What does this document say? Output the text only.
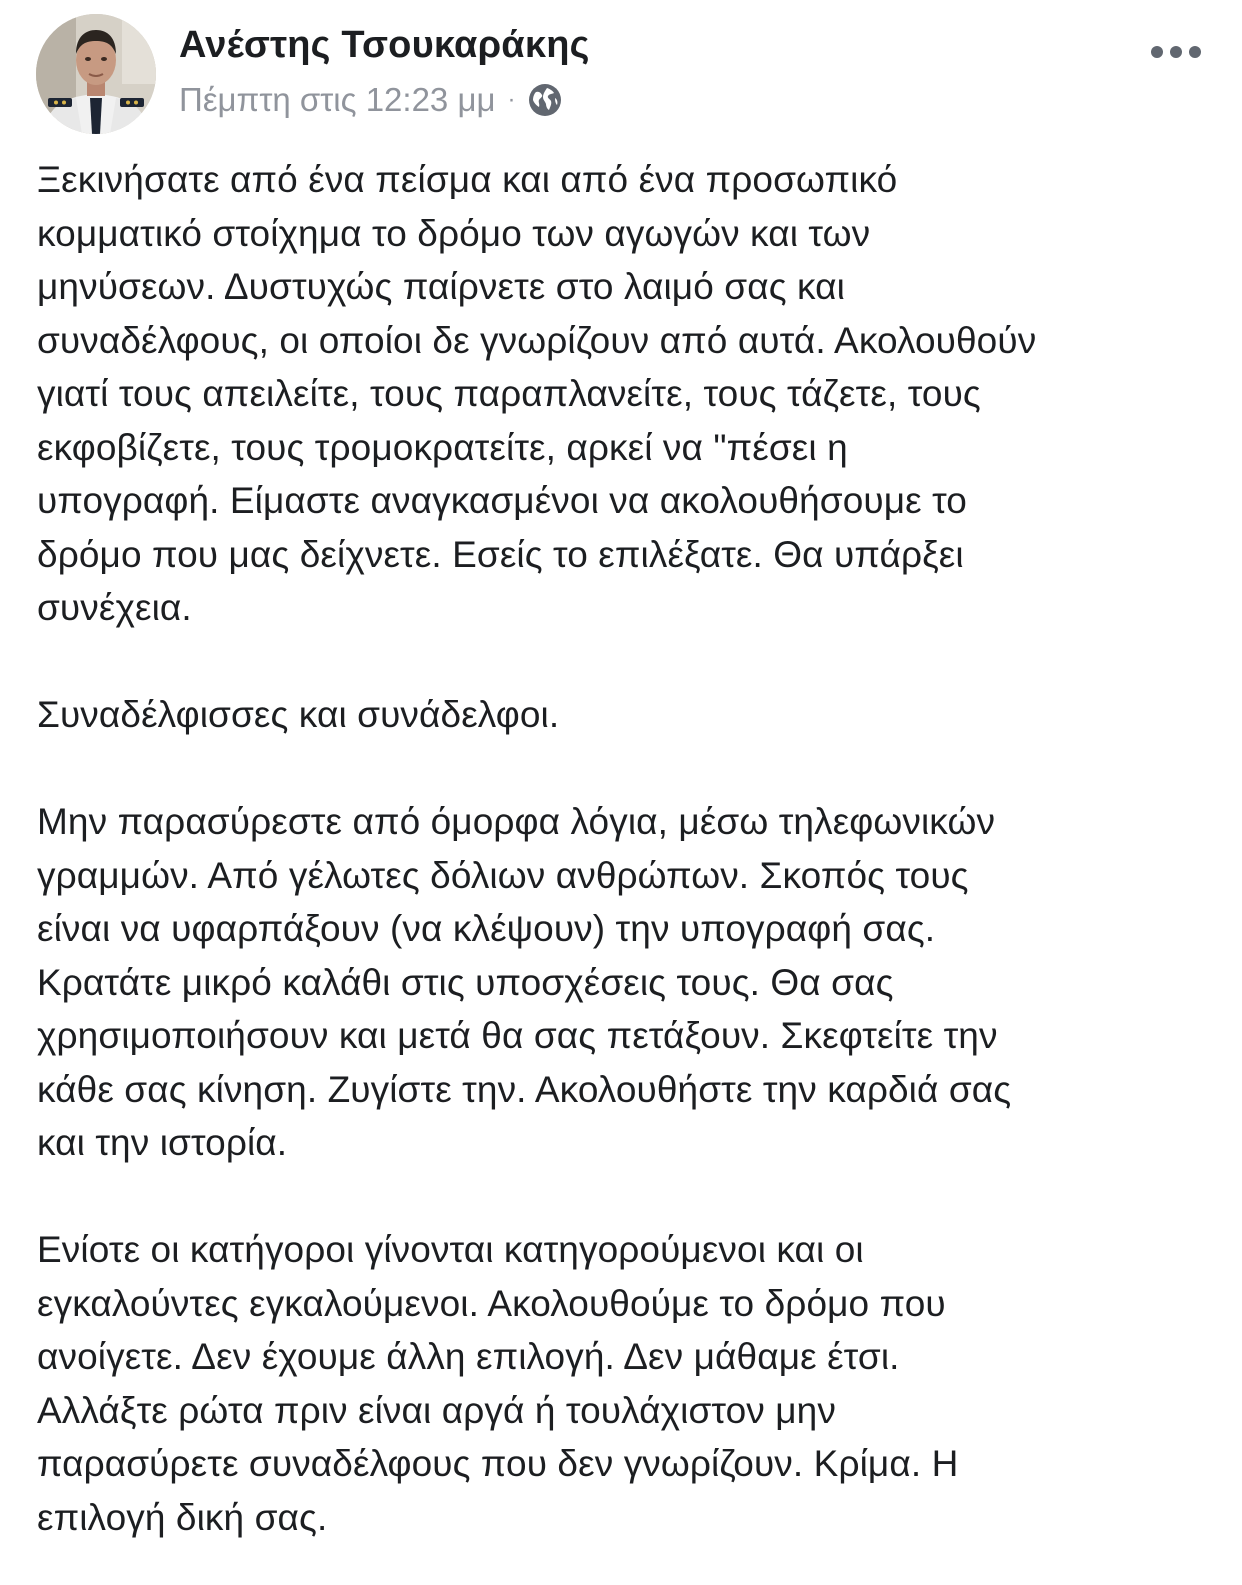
Ανέστης Τσουκαράκης
Πέμπτη στις 12:23 μμ ·

Ξεκινήσατε από ένα πείσμα και από ένα προσωπικό
κομματικό στοίχημα το δρόμο των αγωγών και των
μηνύσεων. Δυστυχώς παίρνετε στο λαιμό σας και
συναδέλφους, οι οποίοι δε γνωρίζουν από αυτά. Ακολουθούν
γιατί τους απειλείτε, τους παραπλανείτε, τους τάζετε, τους
εκφοβίζετε, τους τρομοκρατείτε, αρκεί να "πέσει η
υπογραφή. Είμαστε αναγκασμένοι να ακολουθήσουμε το
δρόμο που μας δείχνετε. Εσείς το επιλέξατε. Θα υπάρξει
συνέχεια.

Συναδέλφισσες και συνάδελφοι.

Μην παρασύρεστε από όμορφα λόγια, μέσω τηλεφωνικών
γραμμών. Από γέλωτες δόλιων ανθρώπων. Σκοπός τους
είναι να υφαρπάξουν (να κλέψουν) την υπογραφή σας.
Κρατάτε μικρό καλάθι στις υποσχέσεις τους. Θα σας
χρησιμοποιήσουν και μετά θα σας πετάξουν. Σκεφτείτε την
κάθε σας κίνηση. Ζυγίστε την. Ακολουθήστε την καρδιά σας
και την ιστορία.

Ενίοτε οι κατήγοροι γίνονται κατηγορούμενοι και οι
εγκαλούντες εγκαλούμενοι. Ακολουθούμε το δρόμο που
ανοίγετε. Δεν έχουμε άλλη επιλογή. Δεν μάθαμε έτσι.
Αλλάξτε ρώτα πριν είναι αργά ή τουλάχιστον μην
παρασύρετε συναδέλφους που δεν γνωρίζουν. Κρίμα. Η
επιλογή δική σας.
